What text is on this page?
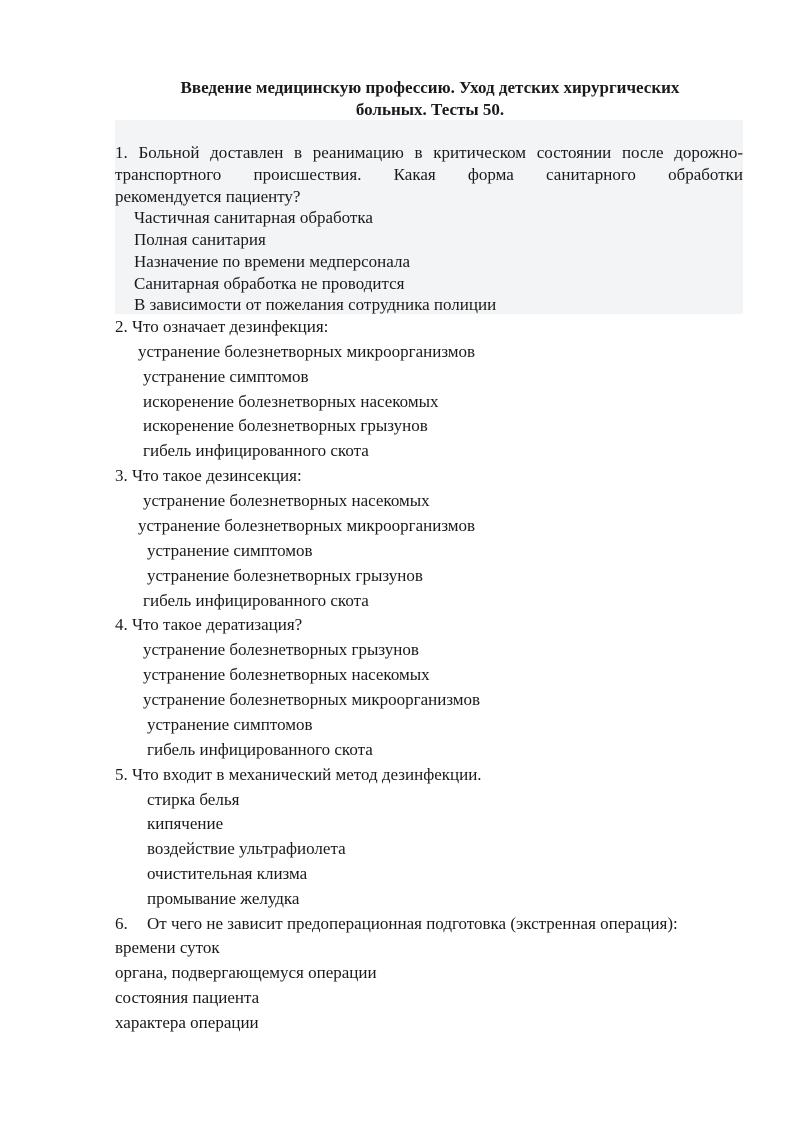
Введение медицинскую профессию. Уход детских хирургических
больных. Тесты 50.
1. Больной доставлен в реанимацию в критическом состоянии после дорожно-
транспортного происшествия. Какая форма санитарного обработки
рекомендуется пациенту?
Частичная санитарная обработка
Полная санитария
Назначение по времени медперсонала
Санитарная обработка не проводится
В зависимости от пожелания сотрудника полиции
2. Что означает дезинфекция:
устранение болезнетворных микроорганизмов
устранение симптомов
искоренение болезнетворных насекомых
искоренение болезнетворных грызунов
гибель инфицированного скота
3. Что такое дезинсекция:
устранение болезнетворных насекомых
устранение болезнетворных микроорганизмов
устранение симптомов
устранение болезнетворных грызунов
гибель инфицированного скота
4. Что такое дератизация?
устранение болезнетворных грызунов
устранение болезнетворных насекомых
устранение болезнетворных микроорганизмов
устранение симптомов
гибель инфицированного скота
5. Что входит в механический метод дезинфекции.
стирка белья
кипячение
воздействие ультрафиолета
очистительная клизма
промывание желудка
6. От чего не зависит предоперационная подготовка (экстренная операция):
времени суток
органа, подвергающемуся операции
состояния пациента
характера операции
